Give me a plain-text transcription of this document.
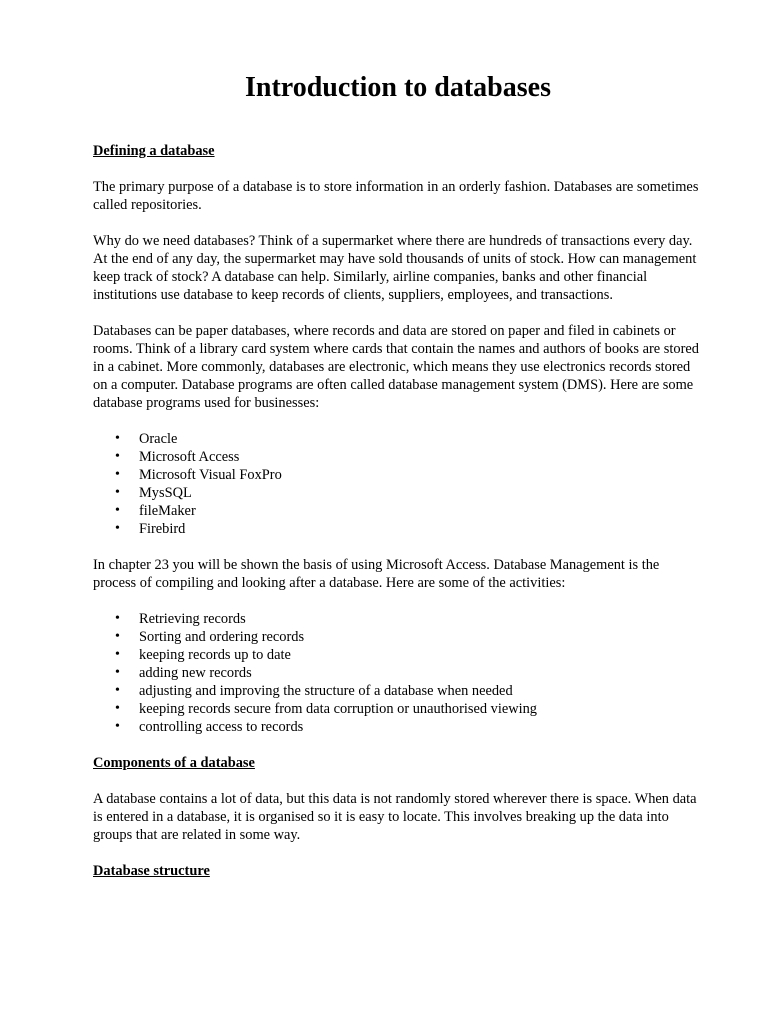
Introduction to databases
Defining a database

The primary purpose of a database is to store information in an orderly fashion. Databases are sometimes called repositories.

Why do we need databases? Think of a supermarket where there are hundreds of transactions every day. At the end of any day, the supermarket may have sold thousands of units of stock. How can management keep track of stock? A database can help. Similarly, airline companies, banks and other financial institutions use database to keep records of clients, suppliers, employees, and transactions.

Databases can be paper databases, where records and data are stored on paper and filed in cabinets or rooms. Think of a library card system where cards that contain the names and authors of books are stored in a cabinet. More commonly, databases are electronic, which means they use electronics records stored on a computer. Database programs are often called database management system (DMS). Here are some database programs used for businesses:

• Oracle
• Microsoft Access
• Microsoft Visual FoxPro
• MysSQL
• fileMaker
• Firebird

In chapter 23 you will be shown the basis of using Microsoft Access. Database Management is the process of compiling and looking after a database. Here are some of the activities:

• Retrieving records
• Sorting and ordering records
• keeping records up to date
• adding new records
• adjusting and improving the structure of a database when needed
• keeping records secure from data corruption or unauthorised viewing
• controlling access to records
Components of a database

A database contains a lot of data, but this data is not randomly stored wherever there is space. When data is entered in a database, it is organised so it is easy to locate. This involves breaking up the data into groups that are related in some way.

Database structure
